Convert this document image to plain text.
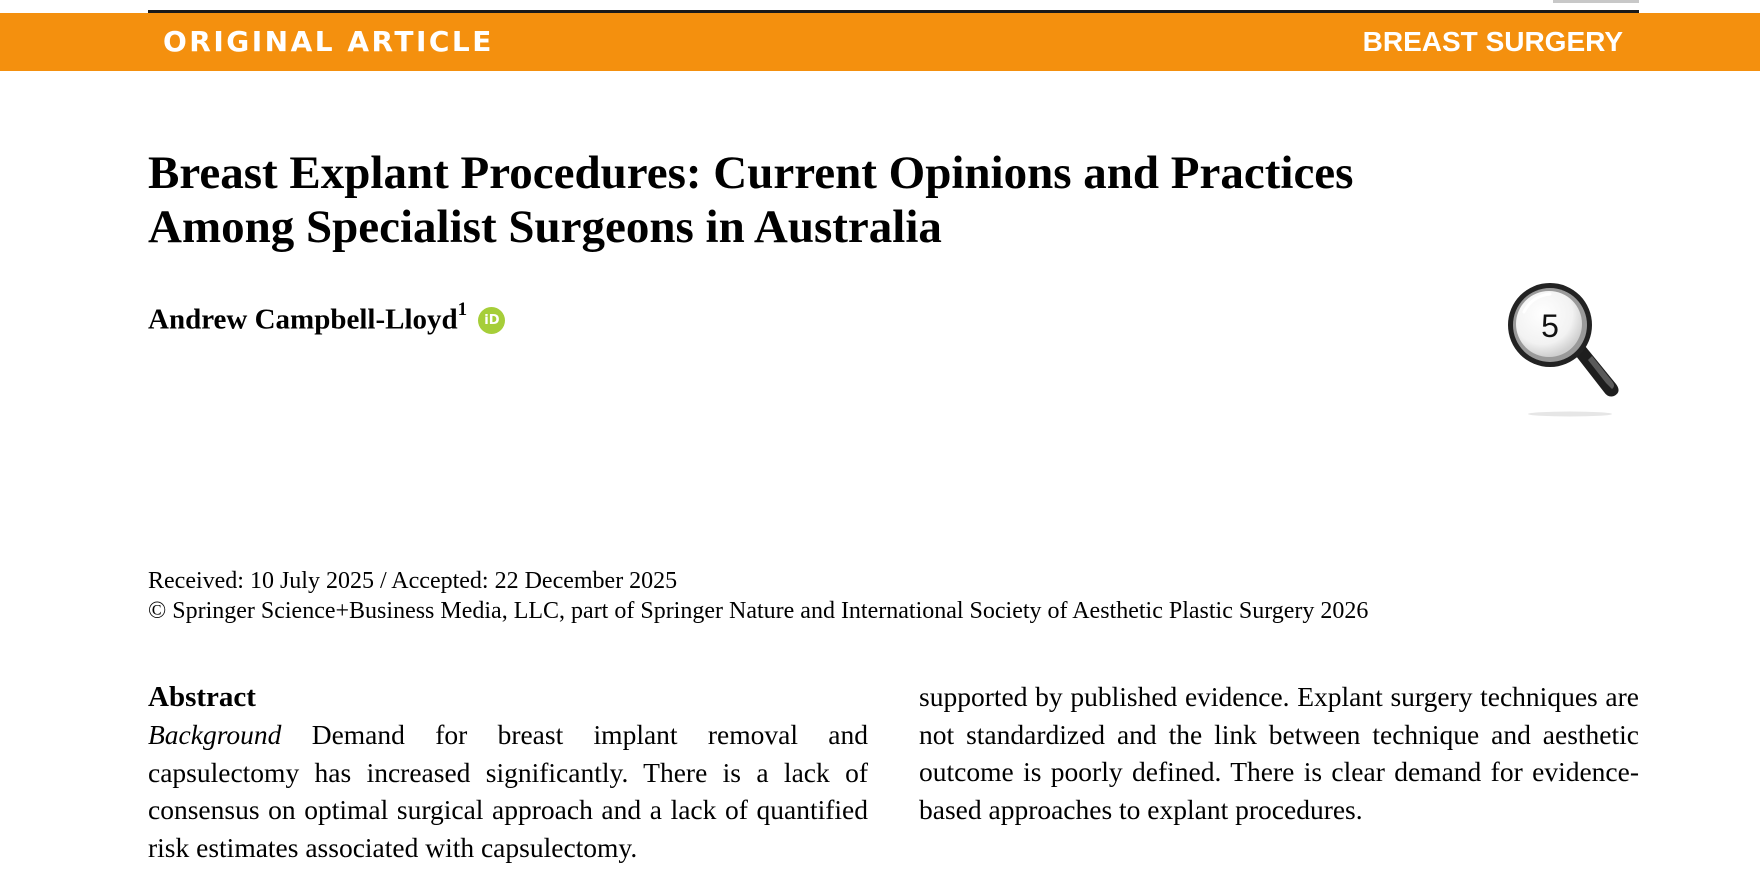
ORIGINAL ARTICLE	BREAST SURGERY
Breast Explant Procedures: Current Opinions and Practices
Among Specialist Surgeons in Australia
Andrew Campbell-Lloyd$^1$ iD	5
Received: 10 July 2025 / Accepted: 22 December 2025
© Springer Science+Business Media, LLC, part of Springer Nature and International Society of Aesthetic Plastic Surgery 2026
Abstract

Background Demand for breast implant removal and capsulectomy has increased significantly. There is a lack of consensus on optimal surgical approach and a lack of quantified risk estimates associated with capsulectomy.

supported by published evidence. Explant surgery techniques are not standardized and the link between technique and aesthetic outcome is poorly defined. There is clear demand for evidence-based approaches to explant procedures.
